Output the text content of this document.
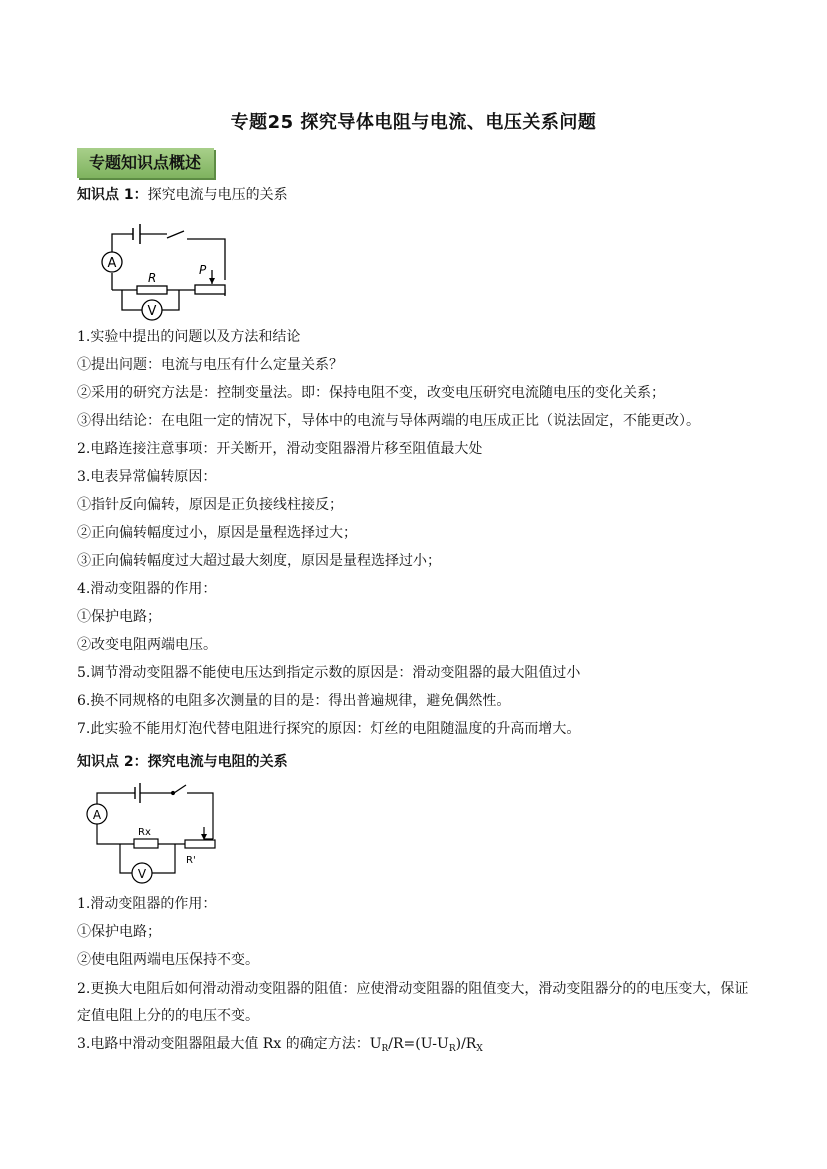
专题25 探究导体电阻与电流、电压关系问题
专题知识点概述
知识点 1：探究电流与电压的关系
A
R
P
V
1.实验中提出的问题以及方法和结论
①提出问题：电流与电压有什么定量关系？
②采用的研究方法是：控制变量法。即：保持电阻不变，改变电压研究电流随电压的变化关系；
③得出结论：在电阻一定的情况下，导体中的电流与导体两端的电压成正比（说法固定，不能更改）。
2.电路连接注意事项：开关断开，滑动变阻器滑片移至阻值最大处
3.电表异常偏转原因：
①指针反向偏转，原因是正负接线柱接反；
②正向偏转幅度过小，原因是量程选择过大；
③正向偏转幅度过大超过最大刻度，原因是量程选择过小；
4.滑动变阻器的作用：
①保护电路；
②改变电阻两端电压。
5.调节滑动变阻器不能使电压达到指定示数的原因是：滑动变阻器的最大阻值过小
6.换不同规格的电阻多次测量的目的是：得出普遍规律，避免偶然性。
7.此实验不能用灯泡代替电阻进行探究的原因：灯丝的电阻随温度的升高而增大。
知识点 2：探究电流与电阻的关系
A
Rx
R'
V
1.滑动变阻器的作用：
①保护电路；
②使电阻两端电压保持不变。
2.更换大电阻后如何滑动滑动变阻器的阻值：应使滑动变阻器的阻值变大，滑动变阻器分的的电压变大，保证定值电阻上分的的电压不变。
3.电路中滑动变阻器阻最大值 Rx 的确定方法：$U_R/R=(U-U_R)/R_X$
